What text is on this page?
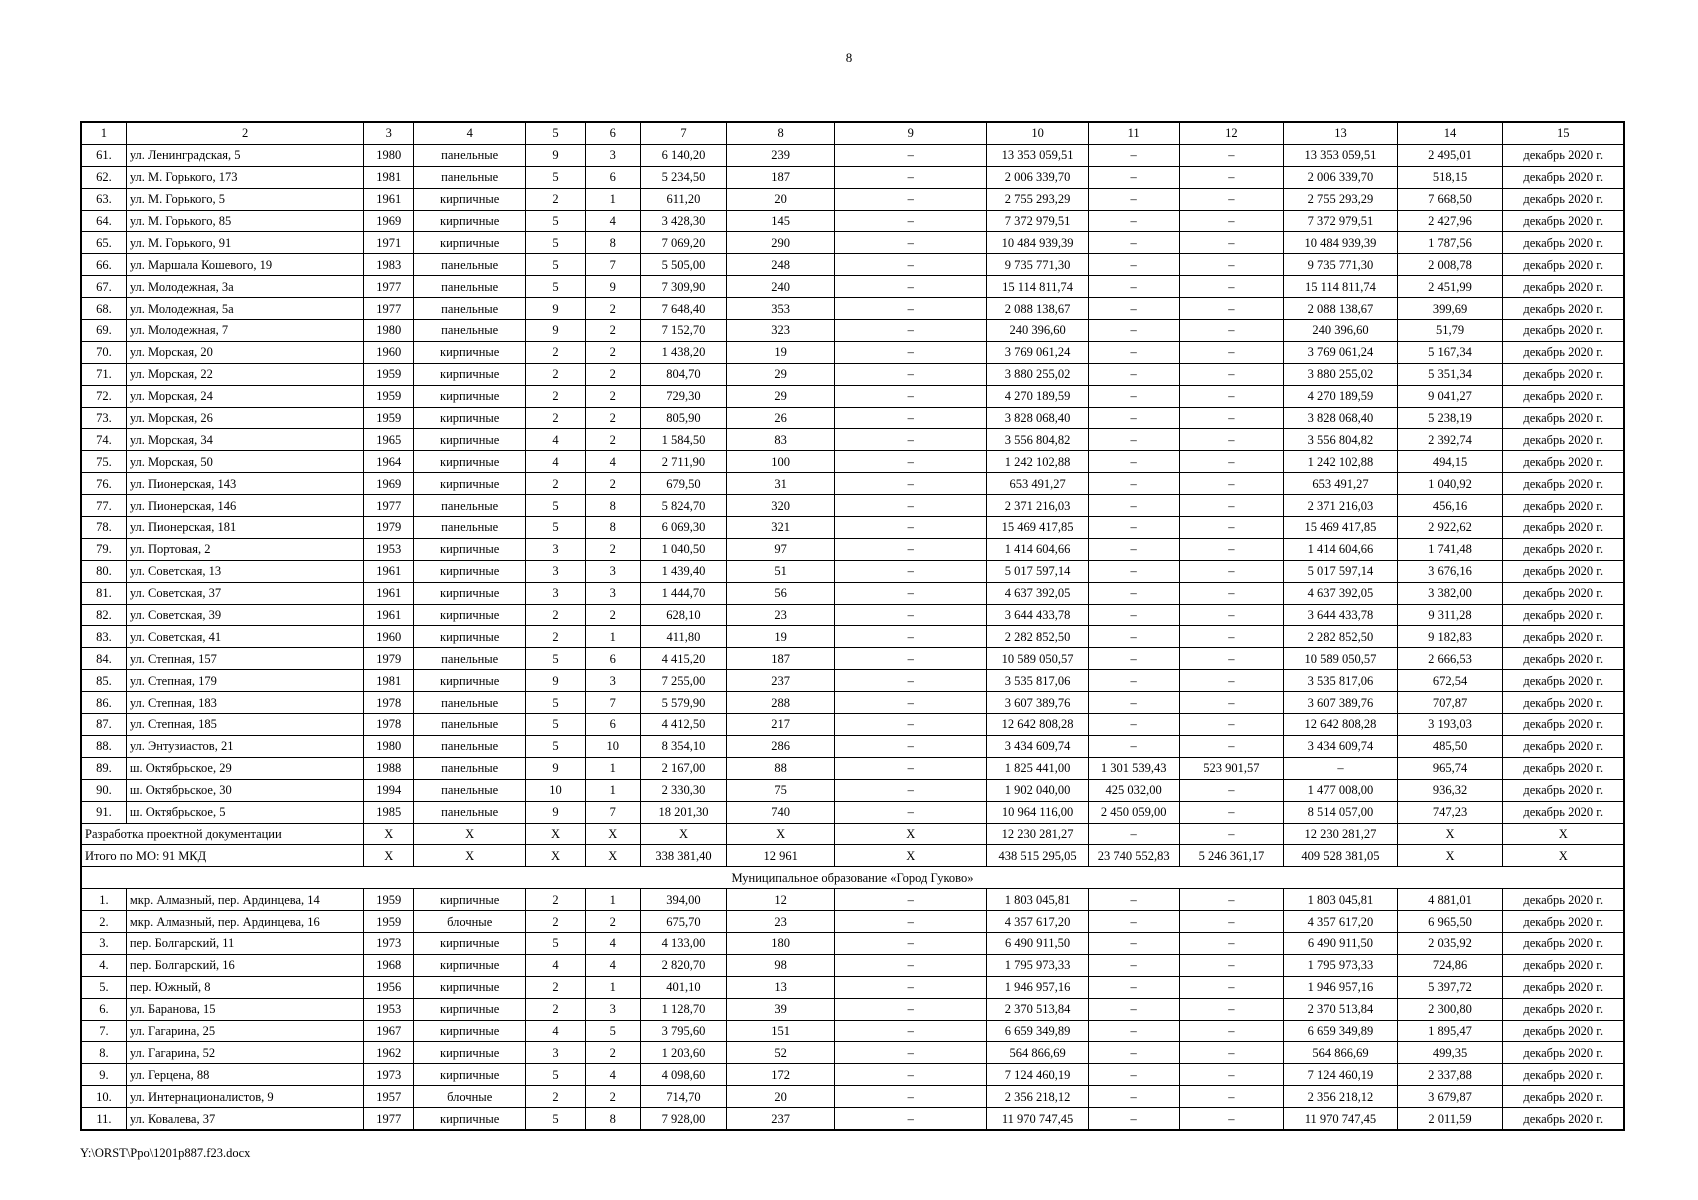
8
1	2	3	4	5	6	7	8	9	10	11	12	13	14	15
61.	ул. Ленинградская, 5	1980	панельные	9	3	6 140,20	239	–	13 353 059,51	–	–	13 353 059,51	2 495,01	декабрь 2020 г.
62.	ул. М. Горького, 173	1981	панельные	5	6	5 234,50	187	–	2 006 339,70	–	–	2 006 339,70	518,15	декабрь 2020 г.
63.	ул. М. Горького, 5	1961	кирпичные	2	1	611,20	20	–	2 755 293,29	–	–	2 755 293,29	7 668,50	декабрь 2020 г.
64.	ул. М. Горького, 85	1969	кирпичные	5	4	3 428,30	145	–	7 372 979,51	–	–	7 372 979,51	2 427,96	декабрь 2020 г.
65.	ул. М. Горького, 91	1971	кирпичные	5	8	7 069,20	290	–	10 484 939,39	–	–	10 484 939,39	1 787,56	декабрь 2020 г.
66.	ул. Маршала Кошевого, 19	1983	панельные	5	7	5 505,00	248	–	9 735 771,30	–	–	9 735 771,30	2 008,78	декабрь 2020 г.
67.	ул. Молодежная, 3а	1977	панельные	5	9	7 309,90	240	–	15 114 811,74	–	–	15 114 811,74	2 451,99	декабрь 2020 г.
68.	ул. Молодежная, 5а	1977	панельные	9	2	7 648,40	353	–	2 088 138,67	–	–	2 088 138,67	399,69	декабрь 2020 г.
69.	ул. Молодежная, 7	1980	панельные	9	2	7 152,70	323	–	240 396,60	–	–	240 396,60	51,79	декабрь 2020 г.
70.	ул. Морская, 20	1960	кирпичные	2	2	1 438,20	19	–	3 769 061,24	–	–	3 769 061,24	5 167,34	декабрь 2020 г.
71.	ул. Морская, 22	1959	кирпичные	2	2	804,70	29	–	3 880 255,02	–	–	3 880 255,02	5 351,34	декабрь 2020 г.
72.	ул. Морская, 24	1959	кирпичные	2	2	729,30	29	–	4 270 189,59	–	–	4 270 189,59	9 041,27	декабрь 2020 г.
73.	ул. Морская, 26	1959	кирпичные	2	2	805,90	26	–	3 828 068,40	–	–	3 828 068,40	5 238,19	декабрь 2020 г.
74.	ул. Морская, 34	1965	кирпичные	4	2	1 584,50	83	–	3 556 804,82	–	–	3 556 804,82	2 392,74	декабрь 2020 г.
75.	ул. Морская, 50	1964	кирпичные	4	4	2 711,90	100	–	1 242 102,88	–	–	1 242 102,88	494,15	декабрь 2020 г.
76.	ул. Пионерская, 143	1969	кирпичные	2	2	679,50	31	–	653 491,27	–	–	653 491,27	1 040,92	декабрь 2020 г.
77.	ул. Пионерская, 146	1977	панельные	5	8	5 824,70	320	–	2 371 216,03	–	–	2 371 216,03	456,16	декабрь 2020 г.
78.	ул. Пионерская, 181	1979	панельные	5	8	6 069,30	321	–	15 469 417,85	–	–	15 469 417,85	2 922,62	декабрь 2020 г.
79.	ул. Портовая, 2	1953	кирпичные	3	2	1 040,50	97	–	1 414 604,66	–	–	1 414 604,66	1 741,48	декабрь 2020 г.
80.	ул. Советская, 13	1961	кирпичные	3	3	1 439,40	51	–	5 017 597,14	–	–	5 017 597,14	3 676,16	декабрь 2020 г.
81.	ул. Советская, 37	1961	кирпичные	3	3	1 444,70	56	–	4 637 392,05	–	–	4 637 392,05	3 382,00	декабрь 2020 г.
82.	ул. Советская, 39	1961	кирпичные	2	2	628,10	23	–	3 644 433,78	–	–	3 644 433,78	9 311,28	декабрь 2020 г.
83.	ул. Советская, 41	1960	кирпичные	2	1	411,80	19	–	2 282 852,50	–	–	2 282 852,50	9 182,83	декабрь 2020 г.
84.	ул. Степная, 157	1979	панельные	5	6	4 415,20	187	–	10 589 050,57	–	–	10 589 050,57	2 666,53	декабрь 2020 г.
85.	ул. Степная, 179	1981	кирпичные	9	3	7 255,00	237	–	3 535 817,06	–	–	3 535 817,06	672,54	декабрь 2020 г.
86.	ул. Степная, 183	1978	панельные	5	7	5 579,90	288	–	3 607 389,76	–	–	3 607 389,76	707,87	декабрь 2020 г.
87.	ул. Степная, 185	1978	панельные	5	6	4 412,50	217	–	12 642 808,28	–	–	12 642 808,28	3 193,03	декабрь 2020 г.
88.	ул. Энтузиастов, 21	1980	панельные	5	10	8 354,10	286	–	3 434 609,74	–	–	3 434 609,74	485,50	декабрь 2020 г.
89.	ш. Октябрьское, 29	1988	панельные	9	1	2 167,00	88	–	1 825 441,00	1 301 539,43	523 901,57	–	965,74	декабрь 2020 г.
90.	ш. Октябрьское, 30	1994	панельные	10	1	2 330,30	75	–	1 902 040,00	425 032,00	–	1 477 008,00	936,32	декабрь 2020 г.
91.	ш. Октябрьское, 5	1985	панельные	9	7	18 201,30	740	–	10 964 116,00	2 450 059,00	–	8 514 057,00	747,23	декабрь 2020 г.
Разработка проектной документации		Х	Х	Х	Х	Х	Х	Х	12 230 281,27	–	–	12 230 281,27	Х	Х
Итого по МО: 91 МКД		Х	Х	Х	Х	338 381,40	12 961	Х	438 515 295,05	23 740 552,83	5 246 361,17	409 528 381,05	Х	Х
Муниципальное образование «Город Гуково»														
1.	мкр. Алмазный, пер. Ардинцева, 14	1959	кирпичные	2	1	394,00	12	–	1 803 045,81	–	–	1 803 045,81	4 881,01	декабрь 2020 г.
2.	мкр. Алмазный, пер. Ардинцева, 16	1959	блочные	2	2	675,70	23	–	4 357 617,20	–	–	4 357 617,20	6 965,50	декабрь 2020 г.
3.	пер. Болгарский, 11	1973	кирпичные	5	4	4 133,00	180	–	6 490 911,50	–	–	6 490 911,50	2 035,92	декабрь 2020 г.
4.	пер. Болгарский, 16	1968	кирпичные	4	4	2 820,70	98	–	1 795 973,33	–	–	1 795 973,33	724,86	декабрь 2020 г.
5.	пер. Южный, 8	1956	кирпичные	2	1	401,10	13	–	1 946 957,16	–	–	1 946 957,16	5 397,72	декабрь 2020 г.
6.	ул. Баранова, 15	1953	кирпичные	2	3	1 128,70	39	–	2 370 513,84	–	–	2 370 513,84	2 300,80	декабрь 2020 г.
7.	ул. Гагарина, 25	1967	кирпичные	4	5	3 795,60	151	–	6 659 349,89	–	–	6 659 349,89	1 895,47	декабрь 2020 г.
8.	ул. Гагарина, 52	1962	кирпичные	3	2	1 203,60	52	–	564 866,69	–	–	564 866,69	499,35	декабрь 2020 г.
9.	ул. Герцена, 88	1973	кирпичные	5	4	4 098,60	172	–	7 124 460,19	–	–	7 124 460,19	2 337,88	декабрь 2020 г.
10.	ул. Интернационалистов, 9	1957	блочные	2	2	714,70	20	–	2 356 218,12	–	–	2 356 218,12	3 679,87	декабрь 2020 г.
11.	ул. Ковалева, 37	1977	кирпичные	5	8	7 928,00	237	–	11 970 747,45	–	–	11 970 747,45	2 011,59	декабрь 2020 г.
Y:\ORST\Рро\1201p887.f23.docx
